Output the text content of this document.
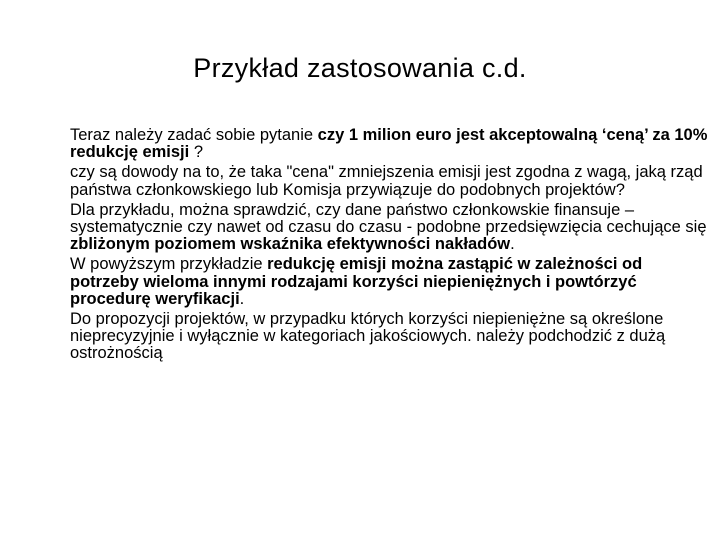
Przykład zastosowania c.d.

Teraz należy zadać sobie pytanie czy 1 milion euro jest akceptowalną ‘ceną’ za 10% redukcję emisji ?

czy są dowody na to, że taka "cena" zmniejszenia emisji jest zgodna z wagą, jaką rząd państwa członkowskiego lub Komisja przywiązuje do podobnych projektów?

Dla przykładu, można sprawdzić, czy dane państwo członkowskie finansuje –systematycznie czy nawet od czasu do czasu - podobne przedsięwzięcia cechujące się zbliżonym poziomem wskaźnika efektywności nakładów.

W powyższym przykładzie redukcję emisji można zastąpić w zależności od potrzeby wieloma innymi rodzajami korzyści niepieniężnych i powtórzyć procedurę weryfikacji.

Do propozycji projektów, w przypadku których korzyści niepieniężne są określone nieprecyzyjnie i wyłącznie w kategoriach jakościowych. należy podchodzić z dużą ostrożnością
